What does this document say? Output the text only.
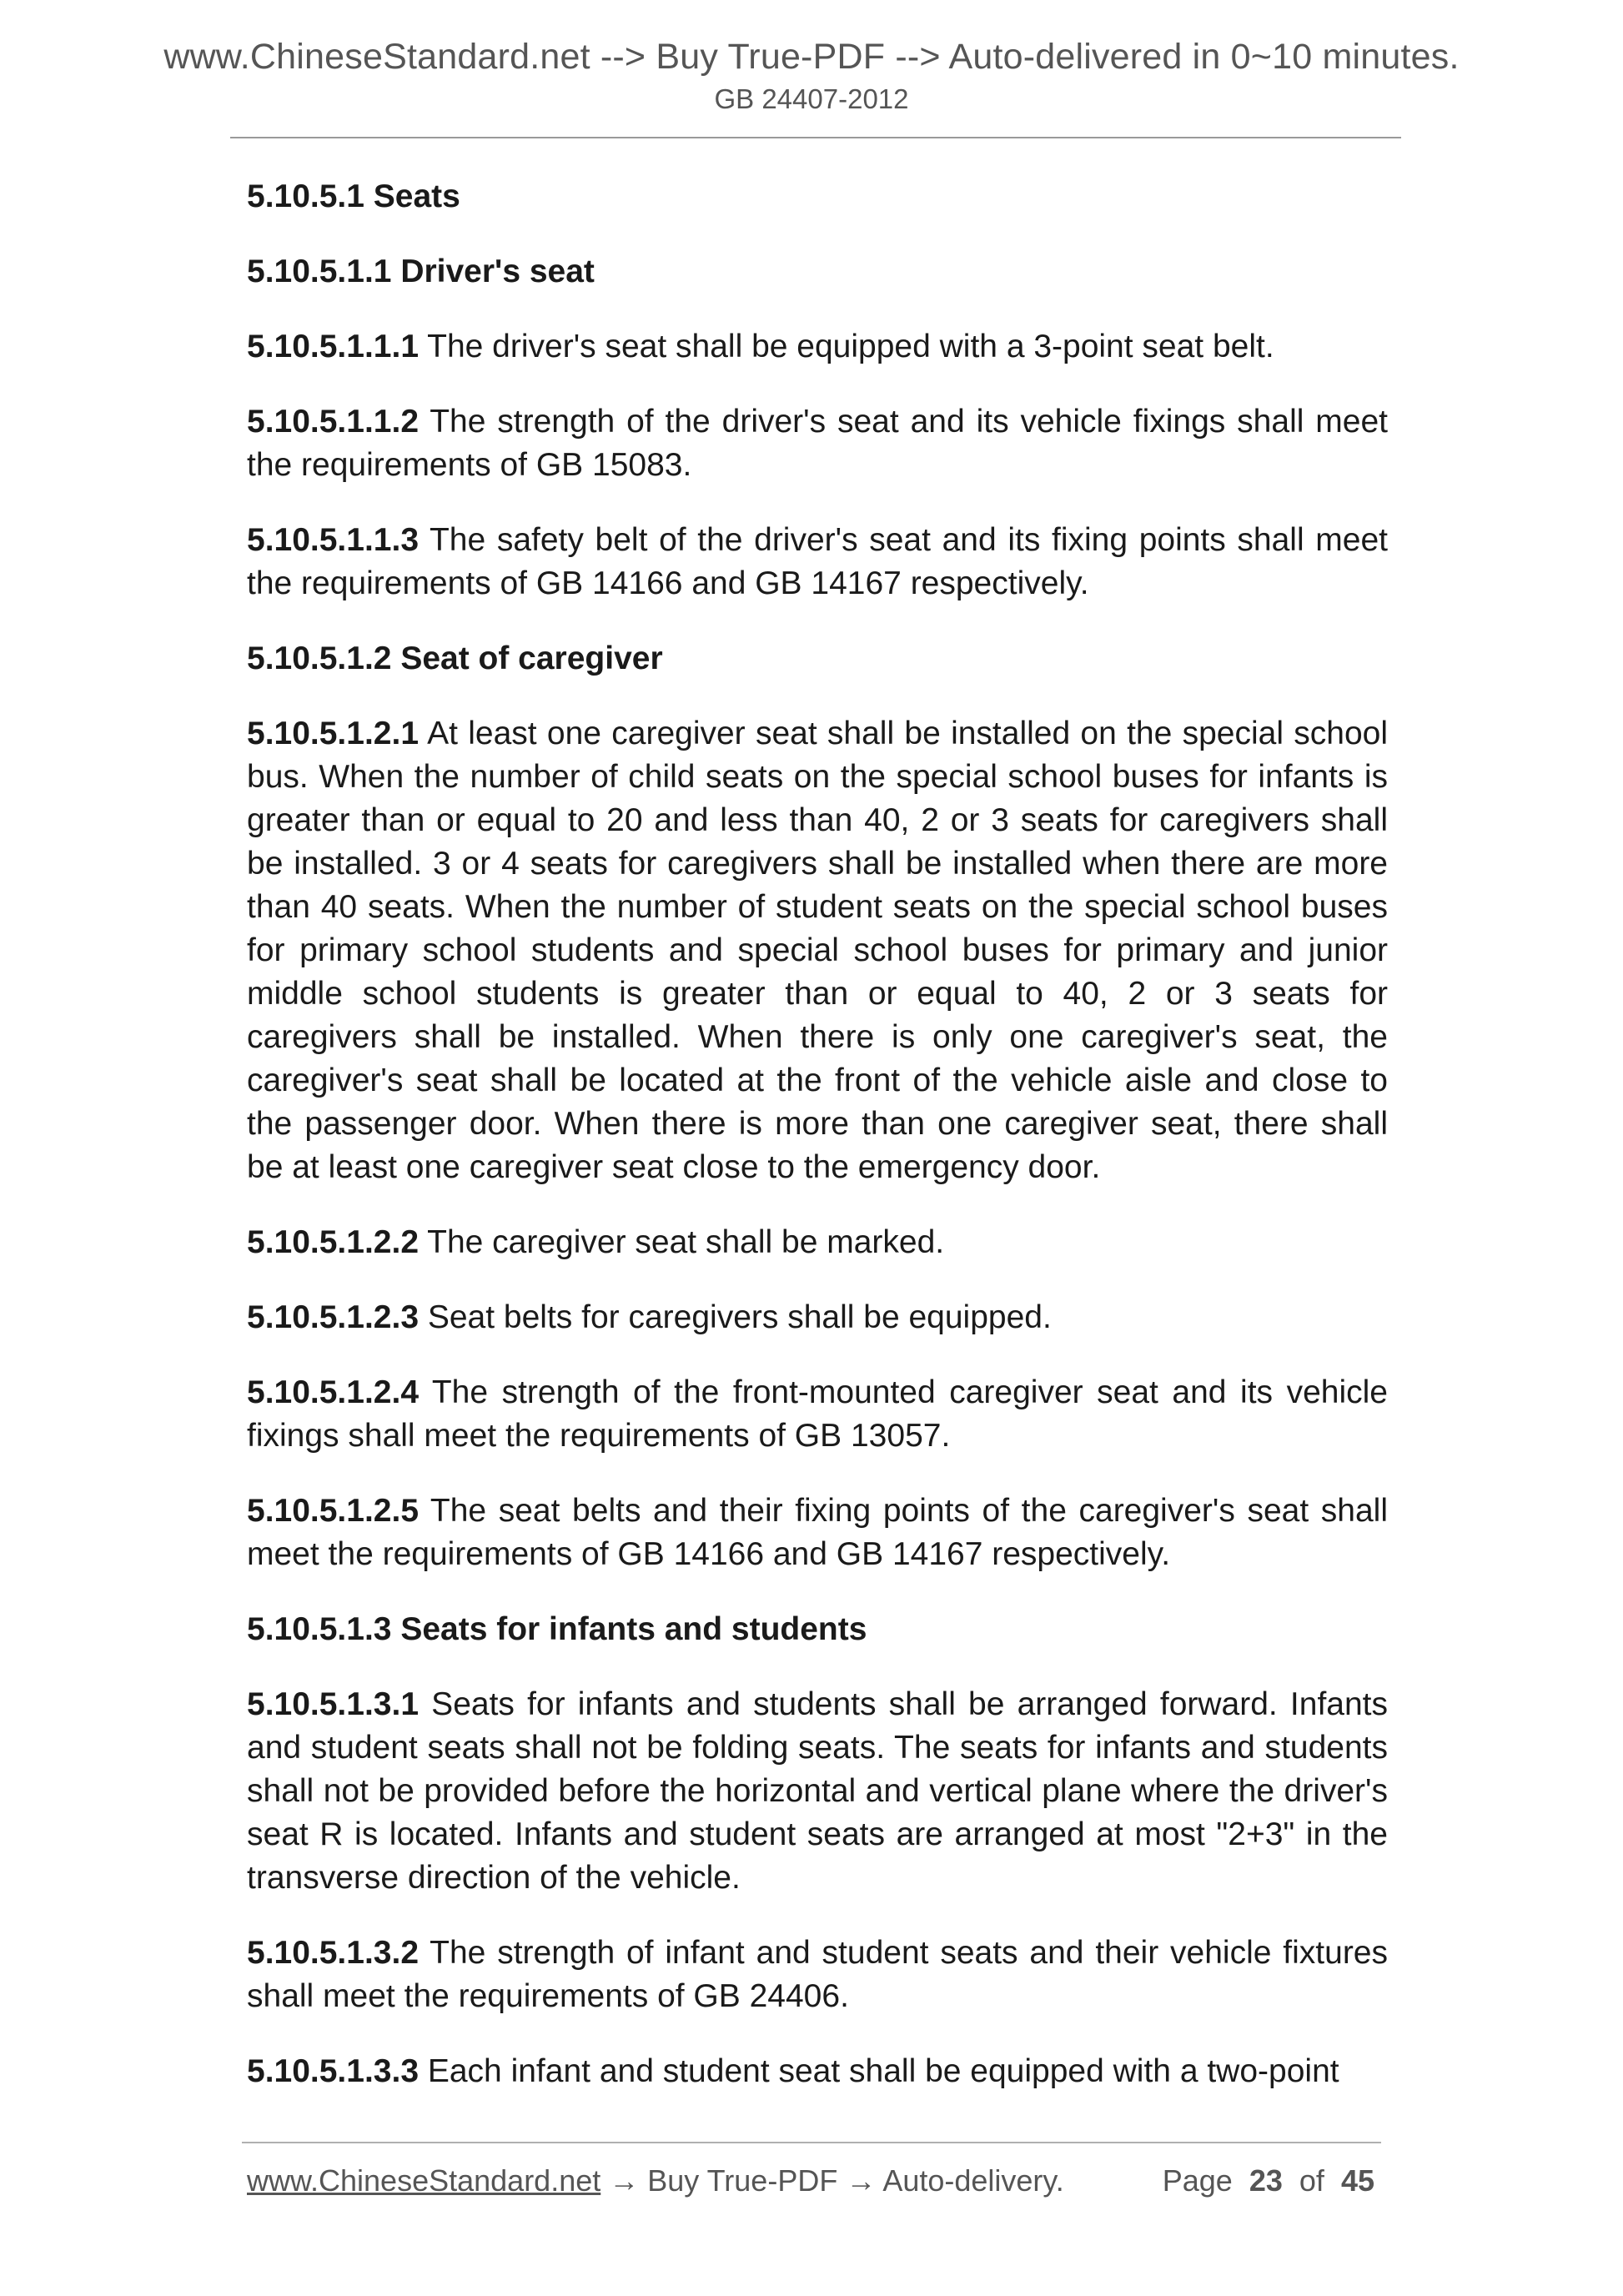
www.ChineseStandard.net --> Buy True-PDF --> Auto-delivered in 0~10 minutes.
GB 24407-2012

5.10.5.1 Seats

5.10.5.1.1 Driver's seat

5.10.5.1.1.1 The driver's seat shall be equipped with a 3-point seat belt.

5.10.5.1.1.2 The strength of the driver's seat and its vehicle fixings shall meet the requirements of GB 15083.

5.10.5.1.1.3 The safety belt of the driver's seat and its fixing points shall meet the requirements of GB 14166 and GB 14167 respectively.

5.10.5.1.2 Seat of caregiver

5.10.5.1.2.1 At least one caregiver seat shall be installed on the special school bus. When the number of child seats on the special school buses for infants is greater than or equal to 20 and less than 40, 2 or 3 seats for caregivers shall be installed. 3 or 4 seats for caregivers shall be installed when there are more than 40 seats. When the number of student seats on the special school buses for primary school students and special school buses for primary and junior middle school students is greater than or equal to 40, 2 or 3 seats for caregivers shall be installed. When there is only one caregiver's seat, the caregiver's seat shall be located at the front of the vehicle aisle and close to the passenger door. When there is more than one caregiver seat, there shall be at least one caregiver seat close to the emergency door.

5.10.5.1.2.2 The caregiver seat shall be marked.

5.10.5.1.2.3 Seat belts for caregivers shall be equipped.

5.10.5.1.2.4 The strength of the front-mounted caregiver seat and its vehicle fixings shall meet the requirements of GB 13057.

5.10.5.1.2.5 The seat belts and their fixing points of the caregiver's seat shall meet the requirements of GB 14166 and GB 14167 respectively.

5.10.5.1.3 Seats for infants and students

5.10.5.1.3.1 Seats for infants and students shall be arranged forward. Infants and student seats shall not be folding seats. The seats for infants and students shall not be provided before the horizontal and vertical plane where the driver's seat R is located. Infants and student seats are arranged at most "2+3" in the transverse direction of the vehicle.

5.10.5.1.3.2 The strength of infant and student seats and their vehicle fixtures shall meet the requirements of GB 24406.

5.10.5.1.3.3 Each infant and student seat shall be equipped with a two-point

www.ChineseStandard.net → Buy True-PDF → Auto-delivery.	Page 23 of 45
